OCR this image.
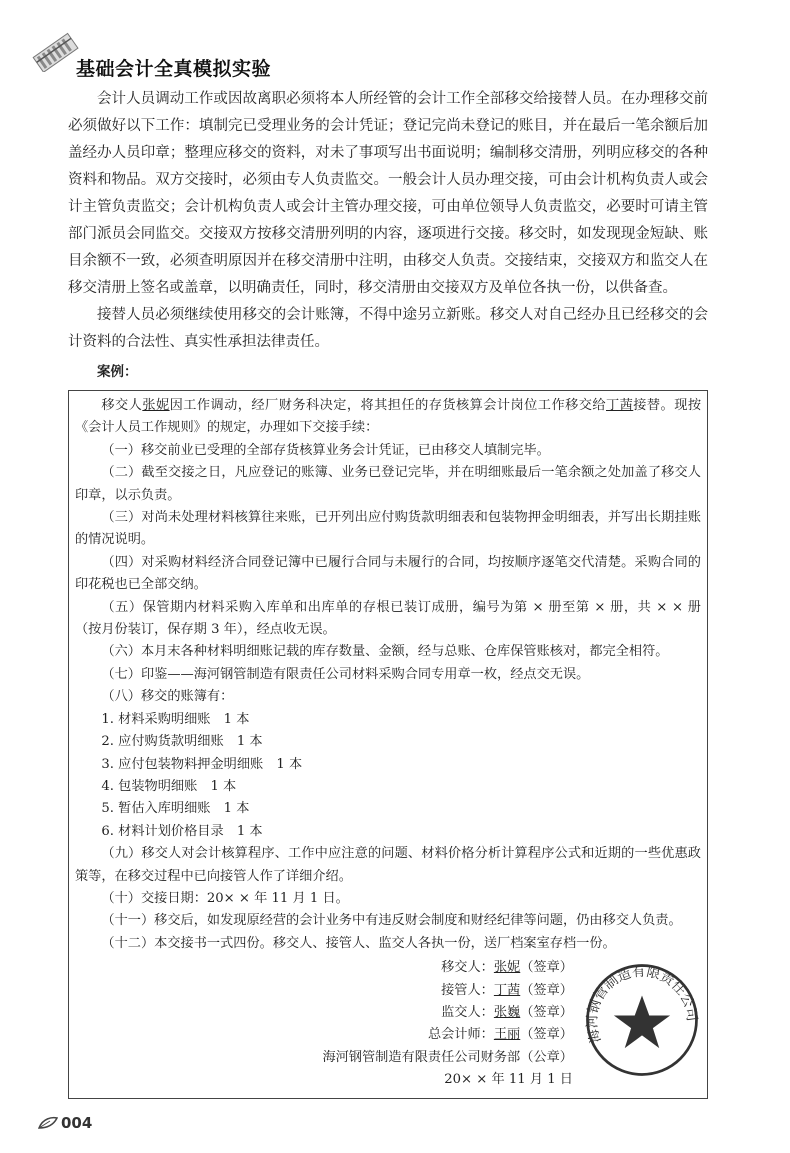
基础会计全真模拟实验

会计人员调动工作或因故离职必须将本人所经管的会计工作全部移交给接替人员。在办理移交前必须做好以下工作：填制完已受理业务的会计凭证；登记完尚未登记的账目，并在最后一笔余额后加盖经办人员印章；整理应移交的资料，对未了事项写出书面说明；编制移交清册，列明应移交的各种资料和物品。双方交接时，必须由专人负责监交。一般会计人员办理交接，可由会计机构负责人或会计主管负责监交；会计机构负责人或会计主管办理交接，可由单位领导人负责监交，必要时可请主管部门派员会同监交。交接双方按移交清册列明的内容，逐项进行交接。移交时，如发现现金短缺、账目余额不一致，必须查明原因并在移交清册中注明，由移交人负责。交接结束，交接双方和监交人在移交清册上签名或盖章，以明确责任，同时，移交清册由交接双方及单位各执一份，以供备查。

接替人员必须继续使用移交的会计账簿，不得中途另立新账。移交人对自己经办且已经移交的会计资料的合法性、真实性承担法律责任。

案例：

移交人张妮因工作调动，经厂财务科决定，将其担任的存货核算会计岗位工作移交给丁茜接替。现按《会计人员工作规则》的规定，办理如下交接手续：

（一）移交前业已受理的全部存货核算业务会计凭证，已由移交人填制完毕。

（二）截至交接之日，凡应登记的账簿、业务已登记完毕，并在明细账最后一笔余额之处加盖了移交人印章，以示负责。

（三）对尚未处理材料核算往来账，已开列出应付购货款明细表和包装物押金明细表，并写出长期挂账的情况说明。

（四）对采购材料经济合同登记簿中已履行合同与未履行的合同，均按顺序逐笔交代清楚。采购合同的印花税也已全部交纳。

（五）保管期内材料采购入库单和出库单的存根已装订成册，编号为第 × 册至第 × 册，共 × × 册（按月份装订，保存期 3 年），经点收无误。

（六）本月末各种材料明细账记载的库存数量、金额，经与总账、仓库保管账核对，都完全相符。

（七）印鉴——海河钢管制造有限责任公司材料采购合同专用章一枚，经点交无误。

（八）移交的账簿有：

1. 材料采购明细账　1 本

2. 应付购货款明细账　1 本

3. 应付包装物料押金明细账　1 本

4. 包装物明细账　1 本

5. 暂估入库明细账　1 本

6. 材料计划价格目录　1 本

（九）移交人对会计核算程序、工作中应注意的问题、材料价格分析计算程序公式和近期的一些优惠政策等，在移交过程中已向接管人作了详细介绍。

（十）交接日期：20× × 年 11 月 1 日。

（十一）移交后，如发现原经营的会计业务中有违反财会制度和财经纪律等问题，仍由移交人负责。

（十二）本交接书一式四份。移交人、接管人、监交人各执一份，送厂档案室存档一份。

移交人：张妮（签章）
接管人：丁茜（签章）
监交人：张巍（签章）
总会计师：王丽（签章）
海河钢管制造有限责任公司财务部（公章）
20× × 年 11 月 1 日
海河钢管制造有限责任公司
004
